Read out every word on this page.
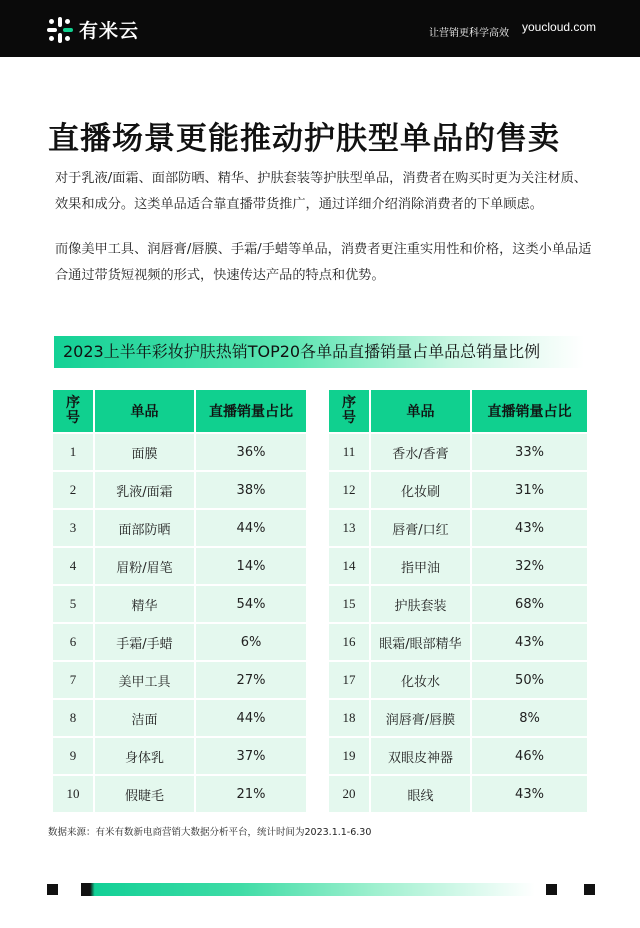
有米云	让营销更科学高效 youcloud.com
直播场景更能推动护肤型单品的售卖

对于乳液/面霜、面部防晒、精华、护肤套装等护肤型单品，消费者在购买时更为关注材质、效果和成分。这类单品适合靠直播带货推广，通过详细介绍消除消费者的下单顾虑。

而像美甲工具、润唇膏/唇膜、手霜/手蜡等单品，消费者更注重实用性和价格，这类小单品适合通过带货短视频的形式，快速传达产品的特点和优势。

2023上半年彩妆护肤热销TOP20各单品直播销量占单品总销量比例
序
号	单品	直播销量占比
1	面膜	36%
2	乳液/面霜	38%
3	面部防晒	44%
4	眉粉/眉笔	14%
5	精华	54%
6	手霜/手蜡	6%
7	美甲工具	27%
8	洁面	44%
9	身体乳	37%
10	假睫毛	21%
序
号	单品	直播销量占比
11	香水/香膏	33%
12	化妆刷	31%
13	唇膏/口红	43%
14	指甲油	32%
15	护肤套装	68%
16	眼霜/眼部精华	43%
17	化妆水	50%
18	润唇膏/唇膜	8%
19	双眼皮神器	46%
20	眼线	43%
数据来源：有米有数新电商营销大数据分析平台，统计时间为2023.1.1-6.30
